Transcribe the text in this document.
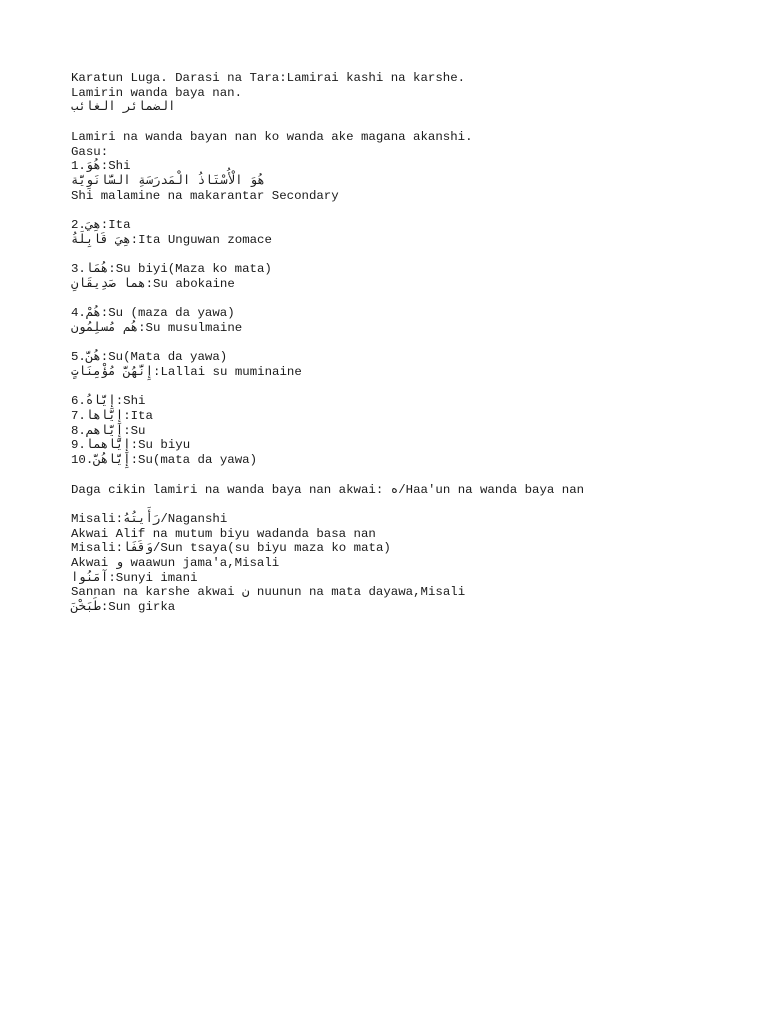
Karatun Luga. Darasi na Tara:Lamirai kashi na karshe.
Lamirin wanda baya nan.
الضمائر الغائب
Lamiri na wanda bayan nan ko wanda ake magana akanshi.
Gasu:
1.هُوَ:Shi
هُوَ الْأُسْتَاذُ الْمَدرَسَةِ السَّانَوِيَّة
Shi malamine na makarantar Secondary
2.هِيَ:Ita
هِيَ قَابِلَةُ:Ita Unguwan zomace
3.هُمَا:Su biyi(Maza ko mata)
هما صَدِيقَانِ:Su abokaine
4.هُمْ:Su (maza da yawa)
هُم مُسلِمُون:Su musulmaine
5.هُنَّ:Su(Mata da yawa)
إِنَّهُنَّ مُؤْمِنَاتٍ:Lallai su muminaine
6.إِيَّاهُ:Shi
7.إِيَّاها:Ita
8.إِيَّاهم:Su
9.إِيَّاهما:Su biyu
10.إِيَّاهُنَّ:Su(mata da yawa)
Daga cikin lamiri na wanda baya nan akwai: ه/Haa'un na wanda baya nan
Misali:رَأَيتُهُ/Naganshi
Akwai Alif na mutum biyu wadanda basa nan
Misali:وَقَفَا/Sun tsaya(su biyu maza ko mata)
Akwai و waawun jama'a,Misali
آمَنُوا:Sunyi imani
Sannan na karshe akwai ن nuunun na mata dayawa,Misali
طَبَخْنَ:Sun girka
